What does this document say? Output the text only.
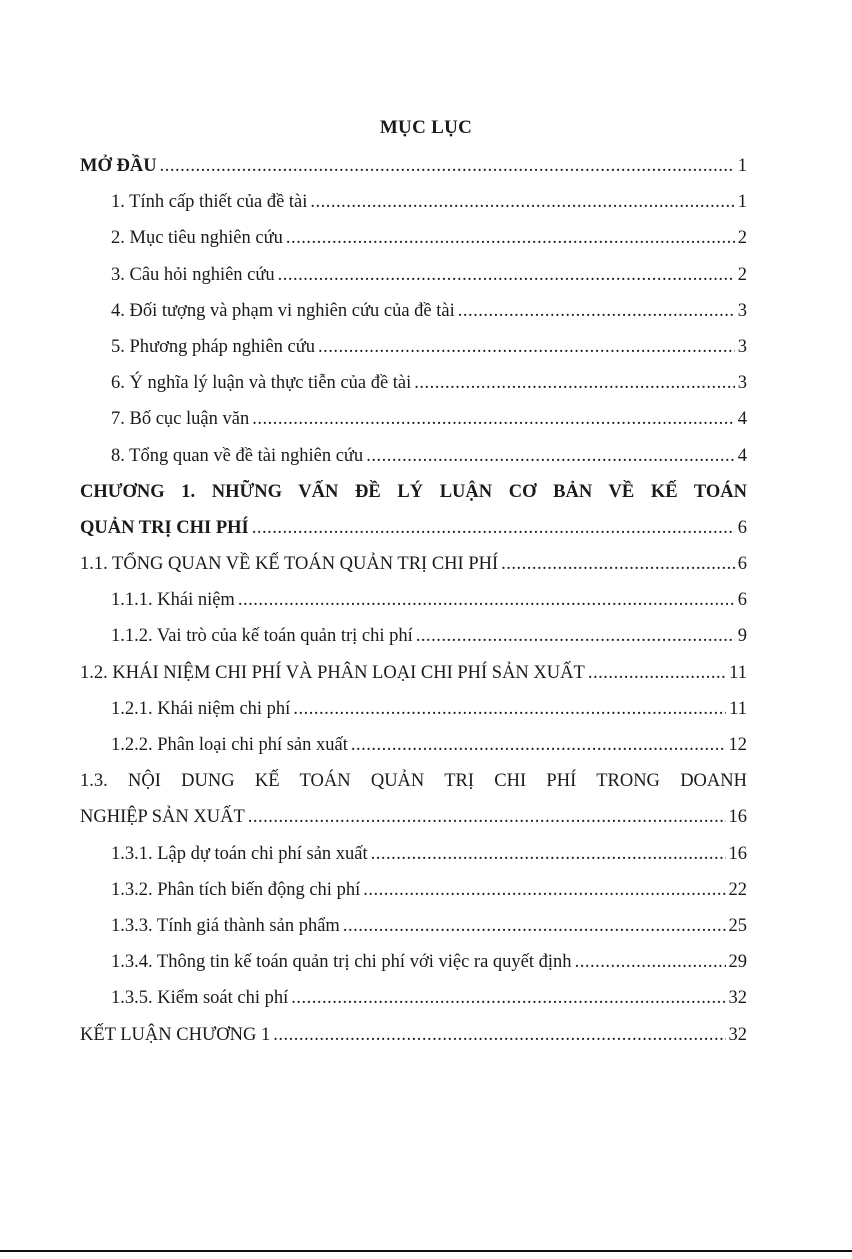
MỤC LỤC
MỞ ĐẦU .....	1
1. Tính cấp thiết của đề tài .....	1
2. Mục tiêu nghiên cứu .....	2
3. Câu hỏi nghiên cứu .....	2
4. Đối tượng và phạm vi nghiên cứu của đề tài .....	3
5. Phương pháp nghiên cứu .....	3
6. Ý nghĩa lý luận và thực tiễn của đề tài .....	3
7. Bố cục luận văn .....	4
8. Tổng quan về đề tài nghiên cứu .....	4
CHƯƠNG 1. NHỮNG VẤN ĐỀ LÝ LUẬN CƠ BẢN VỀ KẾ TOÁN
QUẢN TRỊ CHI PHÍ .....	6
1.1. TỔNG QUAN VỀ KẾ TOÁN QUẢN TRỊ CHI PHÍ .....	6
1.1.1. Khái niệm .....	6
1.1.2. Vai trò của kế toán quản trị chi phí .....	9
1.2. KHÁI NIỆM CHI PHÍ VÀ PHÂN LOẠI CHI PHÍ SẢN XUẤT .....	11
1.2.1. Khái niệm chi phí .....	11
1.2.2. Phân loại chi phí sản xuất .....	12
1.3. NỘI DUNG KẾ TOÁN QUẢN TRỊ CHI PHÍ TRONG DOANH
NGHIỆP SẢN XUẤT .....	16
1.3.1. Lập dự toán chi phí sản xuất .....	16
1.3.2. Phân tích biến động chi phí .....	22
1.3.3. Tính giá thành sản phẩm .....	25
1.3.4. Thông tin kế toán quản trị chi phí với việc ra quyết định .....	29
1.3.5. Kiểm soát chi phí .....	32
KẾT LUẬN CHƯƠNG 1 .....	32
